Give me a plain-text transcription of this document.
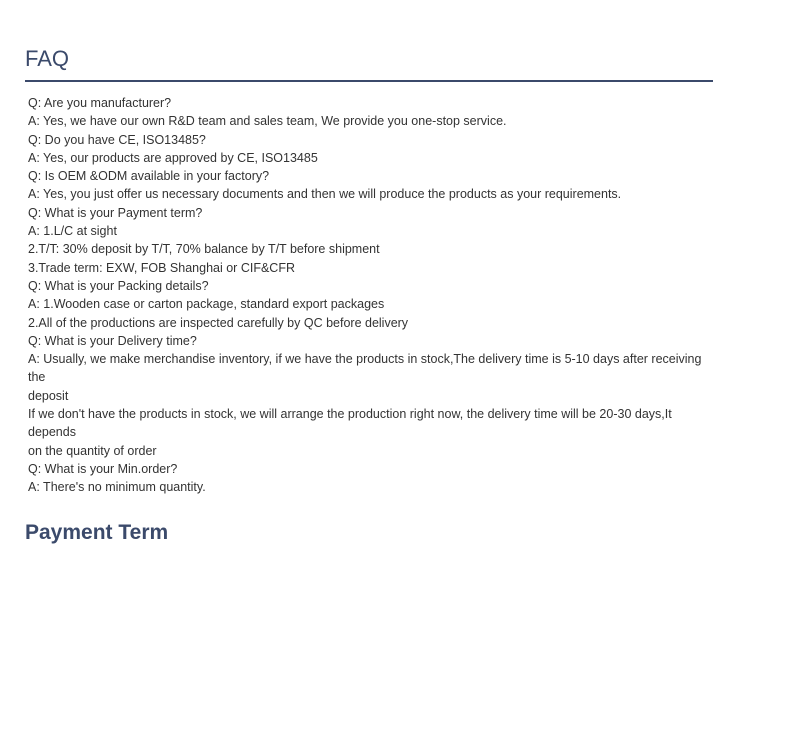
FAQ
Q: Are you manufacturer?
A: Yes, we have our own R&D team and sales team, We provide you one-stop service.
Q: Do you have CE, ISO13485?
A: Yes, our products are approved by CE, ISO13485
Q: Is OEM &ODM available in your factory?
A: Yes, you just offer us necessary documents and then we will produce the products as your requirements.
Q: What is your Payment term?
A: 1.L/C at sight
2.T/T: 30% deposit by T/T, 70% balance by T/T before shipment
3.Trade term: EXW, FOB Shanghai or CIF&CFR
Q: What is your Packing details?
A: 1.Wooden case or carton package, standard export packages
2.All of the productions are inspected carefully by QC before delivery
Q: What is your Delivery time?
A: Usually, we make merchandise inventory, if we have the products in stock,The delivery time is 5-10 days after receiving the
deposit
If we don't have the products in stock, we will arrange the production right now, the delivery time will be 20-30 days,It depends
on the quantity of order
Q: What is your Min.order?
A: There's no minimum quantity.
Payment Term
